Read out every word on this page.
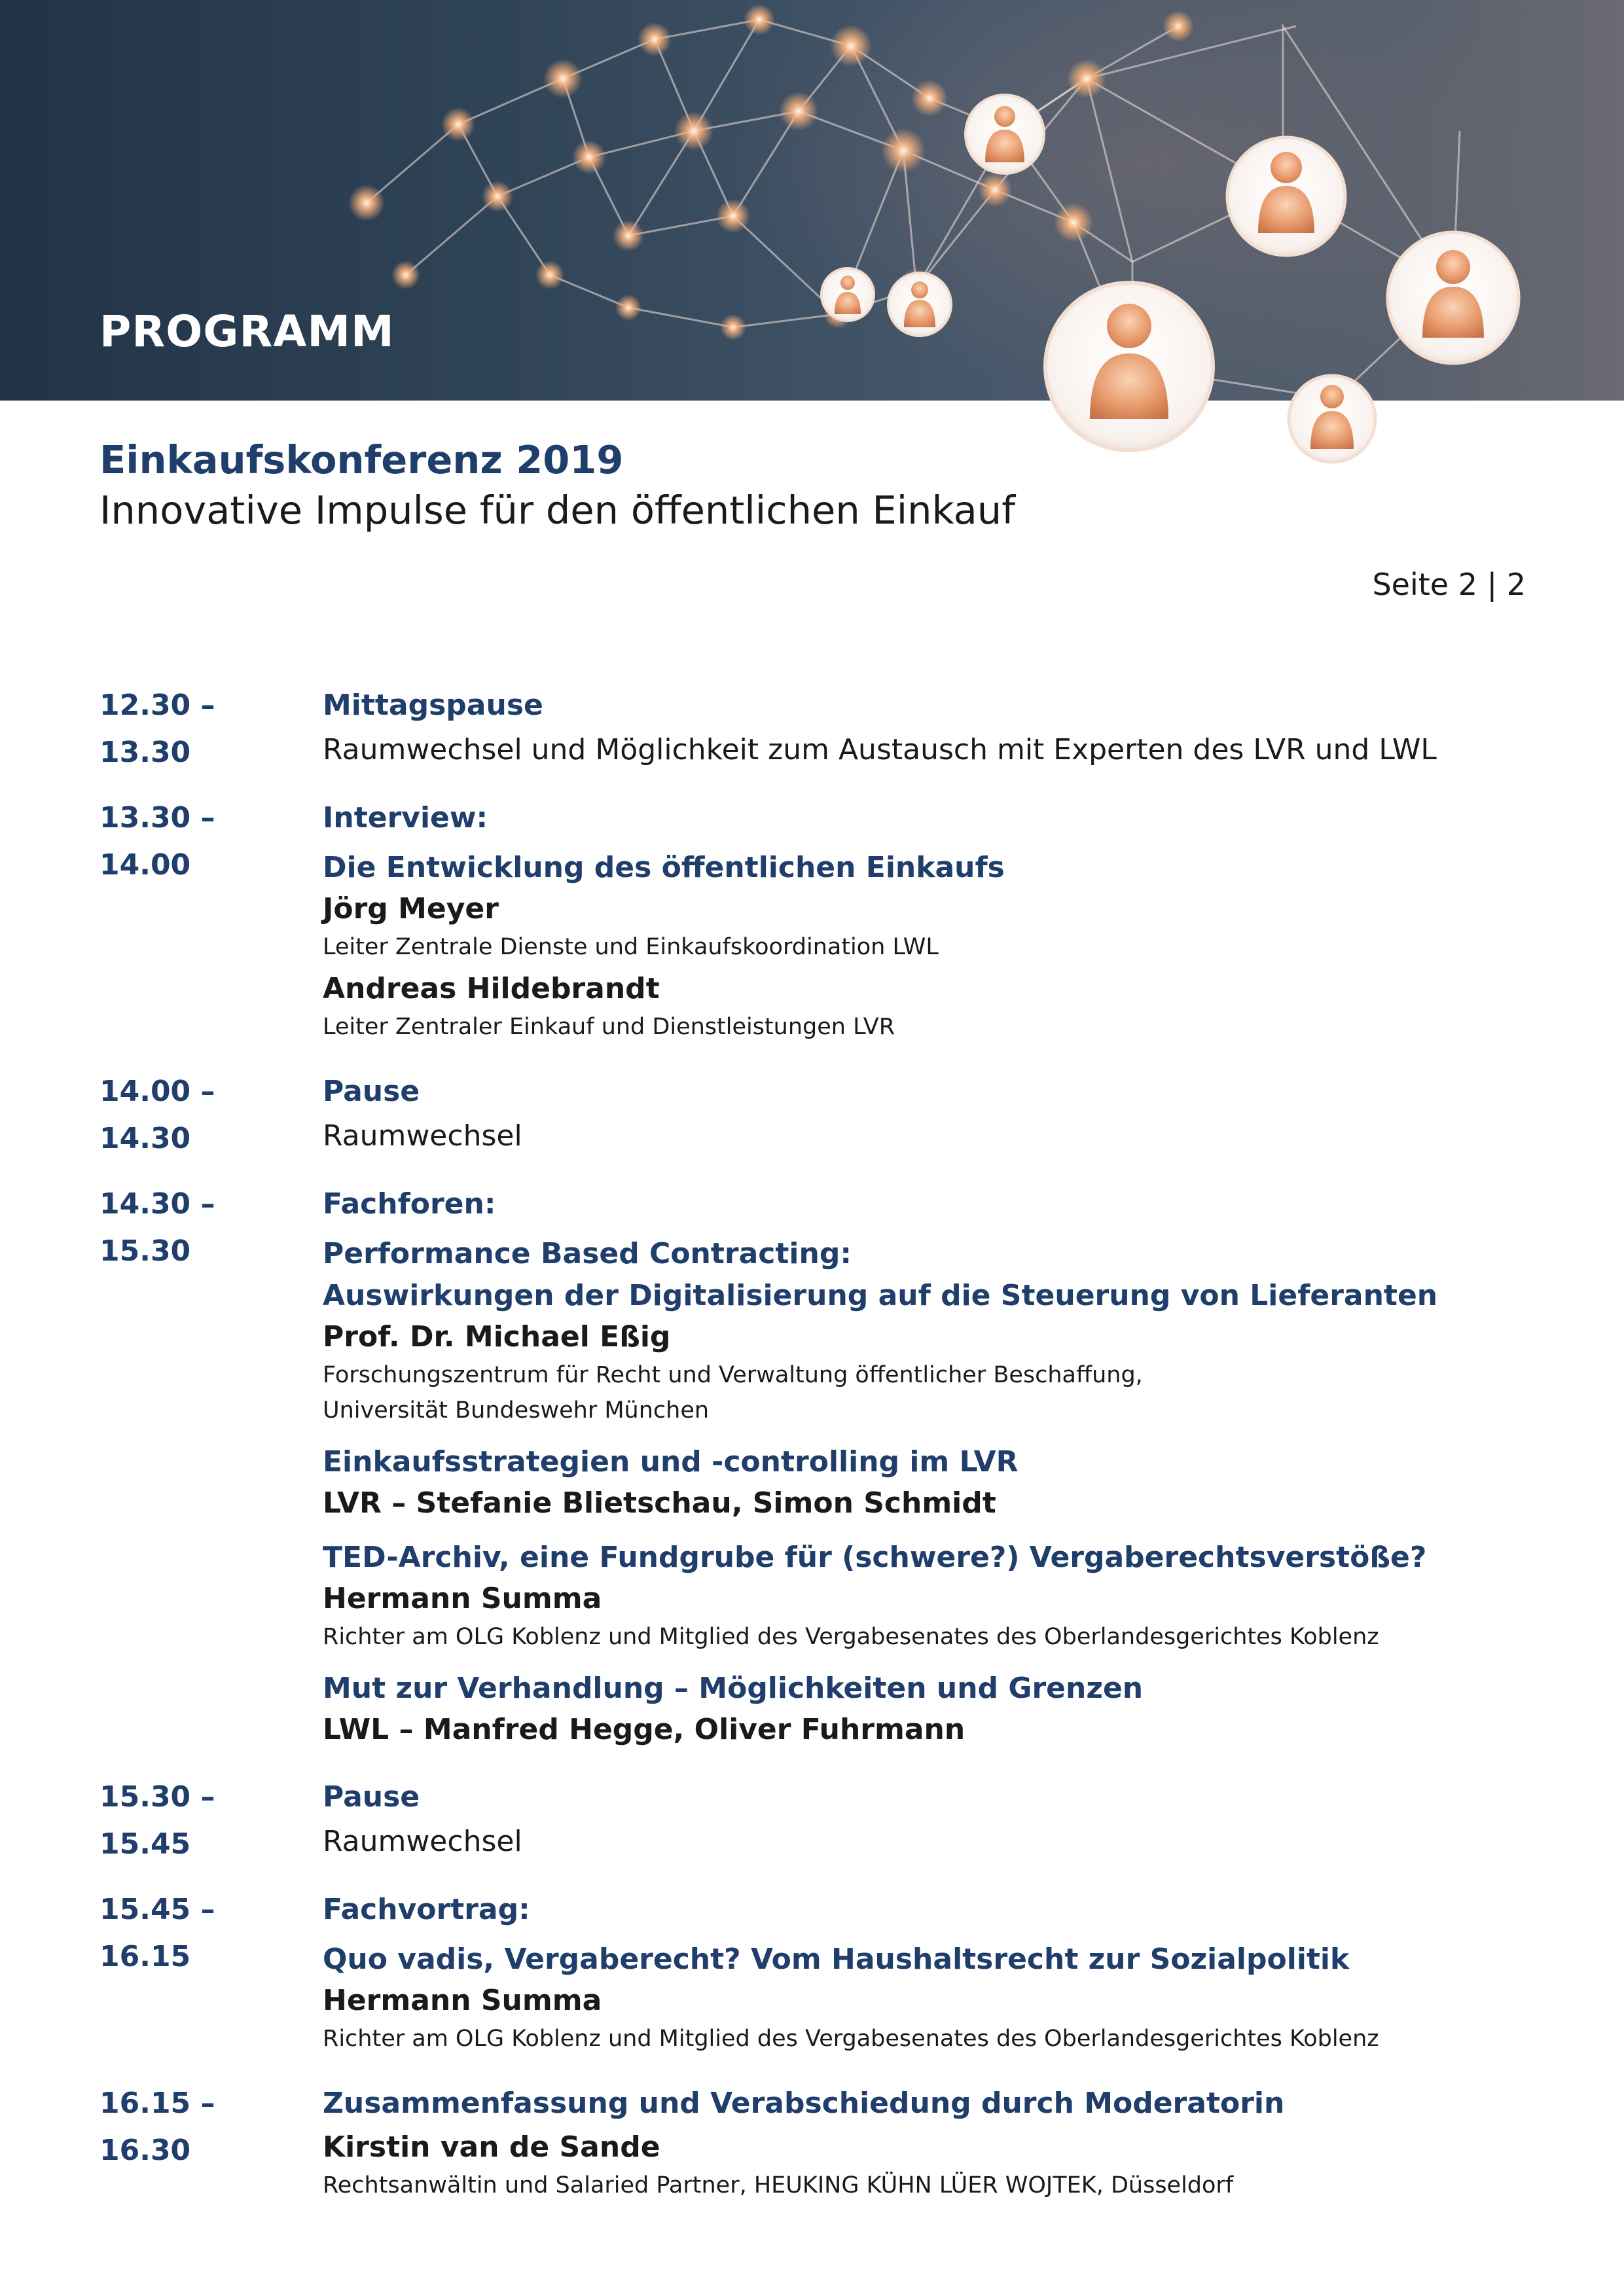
PROGRAMM
Einkaufskonferenz 2019
Innovative Impulse für den öffentlichen Einkauf
Seite 2 | 2
12.30 – 13.30
Mittagspause
Raumwechsel und Möglichkeit zum Austausch mit Experten des LVR und LWL
13.30 – 14.00
Interview:
Die Entwicklung des öffentlichen Einkaufs
Jörg Meyer
Leiter Zentrale Dienste und Einkaufskoordination LWL
Andreas Hildebrandt
Leiter Zentraler Einkauf und Dienstleistungen LVR
14.00 – 14.30
Pause
Raumwechsel
14.30 – 15.30
Fachforen:
Performance Based Contracting:
Auswirkungen der Digitalisierung auf die Steuerung von Lieferanten
Prof. Dr. Michael Eßig
Forschungszentrum für Recht und Verwaltung öffentlicher Beschaffung,
Universität Bundeswehr München
Einkaufsstrategien und -controlling im LVR
LVR – Stefanie Blietschau, Simon Schmidt
TED-Archiv, eine Fundgrube für (schwere?) Vergaberechtsverstöße?
Hermann Summa
Richter am OLG Koblenz und Mitglied des Vergabesenates des Oberlandesgerichtes Koblenz
Mut zur Verhandlung – Möglichkeiten und Grenzen
LWL – Manfred Hegge, Oliver Fuhrmann
15.30 – 15.45
Pause
Raumwechsel
15.45 – 16.15
Fachvortrag:
Quo vadis, Vergaberecht? Vom Haushaltsrecht zur Sozialpolitik
Hermann Summa
Richter am OLG Koblenz und Mitglied des Vergabesenates des Oberlandesgerichtes Koblenz
16.15 – 16.30
Zusammenfassung und Verabschiedung durch Moderatorin
Kirstin van de Sande
Rechtsanwältin und Salaried Partner, HEUKING KÜHN LÜER WOJTEK, Düsseldorf
